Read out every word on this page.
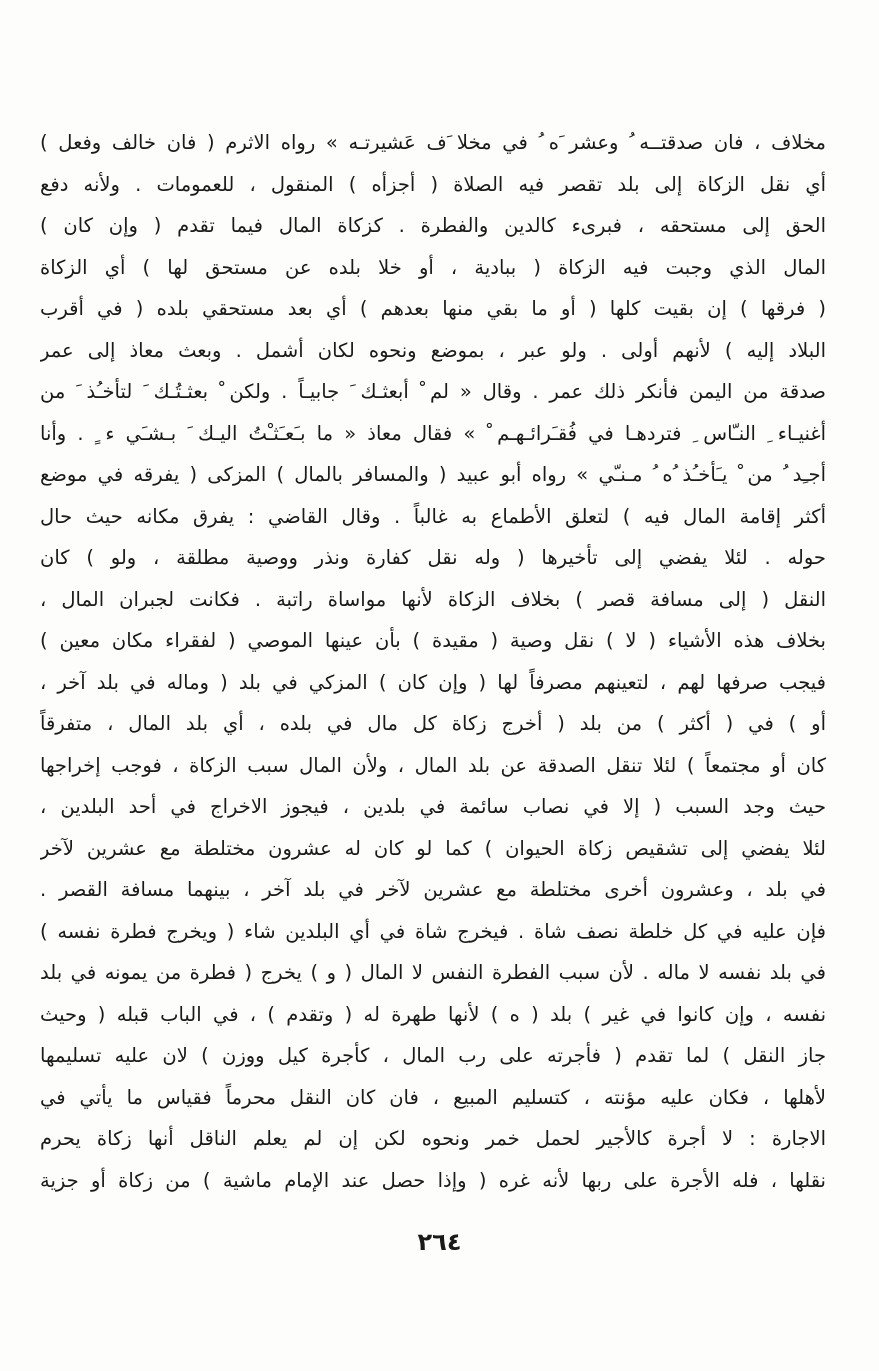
مخلاف ، فان صدقتــه ُ وعشر َه ُ في مخلا َف عَشيرتـه » رواه الاثرم ( فان خالف وفعل )
أي نقل الزكاة إلى بلد تقصر فيه الصلاة ( أجزأه ) المنقول ، للعمومات . ولأنه دفع
الحق إلى مستحقه ، فبرىء كالدين والفطرة . كزكاة المال فيما تقدم ( وإن كان )
المال الذي وجبت فيه الزكاة ( ببادية ، أو خلا بلده عن مستحق لها ) أي الزكاة
( فرقها ) إن بقيت كلها ( أو ما بقي منها بعدهم ) أي بعد مستحقي بلده ( في أقرب
البلاد إليه ) لأنهم أولى . ولو عبر ، بموضع ونحوه لكان أشمل . وبعث معاذ إلى عمر
صدقة من اليمن فأنكر ذلك عمر . وقال « لم ْ أبعثـك َ جابيـاً . ولكن ْ بعثـتُـك َ لتأخـُذ َ من
أغنيـاء ِ النـّاس ِ فتردهـا في فُقـَرائـهـم ْ » فقال معاذ « ما بـَعـَثـْتُ اليـك َ بـشـَي ء ٍ . وأنا
أجـِد ُ من ْ يـَأخـُذ ُه ُ مـنـّي » رواه أبو عبيد ( والمسافر بالمال ) المزكى ( يفرقه في موضع
أكثر إقامة المال فيه ) لتعلق الأطماع به غالباً . وقال القاضي : يفرق مكانه حيث حال
حوله . لئلا يفضي إلى تأخيرها ( وله نقل كفارة ونذر ووصية مطلقة ، ولو ) كان
النقل ( إلى مسافة قصر ) بخلاف الزكاة لأنها مواساة راتبة . فكانت لجبران المال ،
بخلاف هذه الأشياء ( لا ) نقل وصية ( مقيدة ) بأن عينها الموصي ( لفقراء مكان معين )
فيجب صرفها لهم ، لتعينهم مصرفاً لها ( وإن كان ) المزكي في بلد ( وماله في بلد آخر ،
أو ) في ( أكثر ) من بلد ( أخرج زكاة كل مال في بلده ، أي بلد المال ، متفرقاً
كان أو مجتمعاً ) لئلا تنقل الصدقة عن بلد المال ، ولأن المال سبب الزكاة ، فوجب إخراجها
حيث وجد السبب ( إلا في نصاب سائمة في بلدين ، فيجوز الاخراج في أحد البلدين ،
لئلا يفضي إلى تشقيص زكاة الحيوان ) كما لو كان له عشرون مختلطة مع عشرين لآخر
في بلد ، وعشرون أخرى مختلطة مع عشرين لآخر في بلد آخر ، بينهما مسافة القصر .
فإن عليه في كل خلطة نصف شاة . فيخرج شاة في أي البلدين شاء ( ويخرج فطرة نفسه )
في بلد نفسه لا ماله . لأن سبب الفطرة النفس لا المال ( و ) يخرج ( فطرة من يمونه في بلد
نفسه ، وإن كانوا في غير ) بلد ( ه ) لأنها طهرة له ( وتقدم ) ، في الباب قبله ( وحيث
جاز النقل ) لما تقدم ( فأجرته على رب المال ، كأجرة كيل ووزن ) لان عليه تسليمها
لأهلها ، فكان عليه مؤنته ، كتسليم المبيع ، فان كان النقل محرماً فقياس ما يأتي في
الاجارة : لا أجرة كالأجير لحمل خمر ونحوه لكن إن لم يعلم الناقل أنها زكاة يحرم
نقلها ، فله الأجرة على ربها لأنه غره ( وإذا حصل عند الإمام ماشية ) من زكاة أو جزية
٢٦٤
